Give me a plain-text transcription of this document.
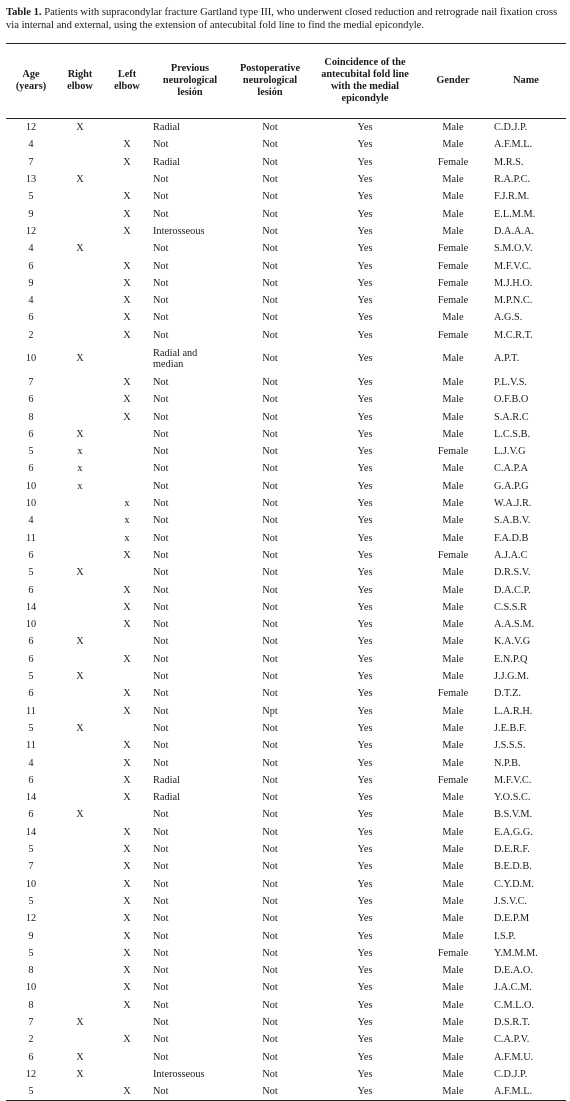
Table 1. Patients with supracondylar fracture Gartland type III, who underwent closed reduction and retrograde nail fixation cross via internal and external, using the extension of antecubital fold line to find the medial epicondyle.
Age (years)	Right elbow	Left elbow	Previous neurological lesión	Postoperative neurological lesión	Coincidence of the antecubital fold line with the medial epicondyle	Gender	Name
12	X		Radial	Not	Yes	Male	C.D.J.P.
4		X	Not	Not	Yes	Male	A.F.M.L.
7		X	Radial	Not	Yes	Female	M.R.S.
13	X		Not	Not	Yes	Male	R.A.P.C.
5		X	Not	Not	Yes	Male	F.J.R.M.
9		X	Not	Not	Yes	Male	E.L.M.M.
12		X	Interosseous	Not	Yes	Male	D.A.A.A.
4	X		Not	Not	Yes	Female	S.M.O.V.
6		X	Not	Not	Yes	Female	M.F.V.C.
9		X	Not	Not	Yes	Female	M.J.H.O.
4		X	Not	Not	Yes	Female	M.P.N.C.
6		X	Not	Not	Yes	Male	A.G.S.
2		X	Not	Not	Yes	Female	M.C.R.T.
10	X		Radial and median	Not	Yes	Male	A.P.T.
7		X	Not	Not	Yes	Male	P.L.V.S.
6		X	Not	Not	Yes	Male	O.F.B.O
8		X	Not	Not	Yes	Male	S.A.R.C
6	X		Not	Not	Yes	Male	L.C.S.B.
5	x		Not	Not	Yes	Female	L.J.V.G
6	x		Not	Not	Yes	Male	C.A.P.A
10	x		Not	Not	Yes	Male	G.A.P.G
10		x	Not	Not	Yes	Male	W.A.J.R.
4		x	Not	Not	Yes	Male	S.A.B.V.
11		x	Not	Not	Yes	Male	F.A.D.B
6		X	Not	Not	Yes	Female	A.J.A.C
5	X		Not	Not	Yes	Male	D.R.S.V.
6		X	Not	Not	Yes	Male	D.A.C.P.
14		X	Not	Not	Yes	Male	C.S.S.R
10		X	Not	Not	Yes	Male	A.A.S.M.
6	X		Not	Not	Yes	Male	K.A.V.G
6		X	Not	Not	Yes	Male	E.N.P.Q
5	X		Not	Not	Yes	Male	J.J.G.M.
6		X	Not	Not	Yes	Female	D.T.Z.
11		X	Not	Npt	Yes	Male	L.A.R.H.
5	X		Not	Not	Yes	Male	J.E.B.F.
11		X	Not	Not	Yes	Male	J.S.S.S.
4		X	Not	Not	Yes	Male	N.P.B.
6		X	Radial	Not	Yes	Female	M.F.V.C.
14		X	Radial	Not	Yes	Male	Y.O.S.C.
6	X		Not	Not	Yes	Male	B.S.V.M.
14		X	Not	Not	Yes	Male	E.A.G.G.
5		X	Not	Not	Yes	Male	D.E.R.F.
7		X	Not	Not	Yes	Male	B.E.D.B.
10		X	Not	Not	Yes	Male	C.Y.D.M.
5		X	Not	Not	Yes	Male	J.S.V.C.
12		X	Not	Not	Yes	Male	D.E.P.M
9		X	Not	Not	Yes	Male	I.S.P.
5		X	Not	Not	Yes	Female	Y.M.M.M.
8		X	Not	Not	Yes	Male	D.E.A.O.
10		X	Not	Not	Yes	Male	J.A.C.M.
8		X	Not	Not	Yes	Male	C.M.L.O.
7	X		Not	Not	Yes	Male	D.S.R.T.
2		X	Not	Not	Yes	Male	C.A.P.V.
6	X		Not	Not	Yes	Male	A.F.M.U.
12	X		Interosseous	Not	Yes	Male	C.D.J.P.
5		X	Not	Not	Yes	Male	A.F.M.L.
